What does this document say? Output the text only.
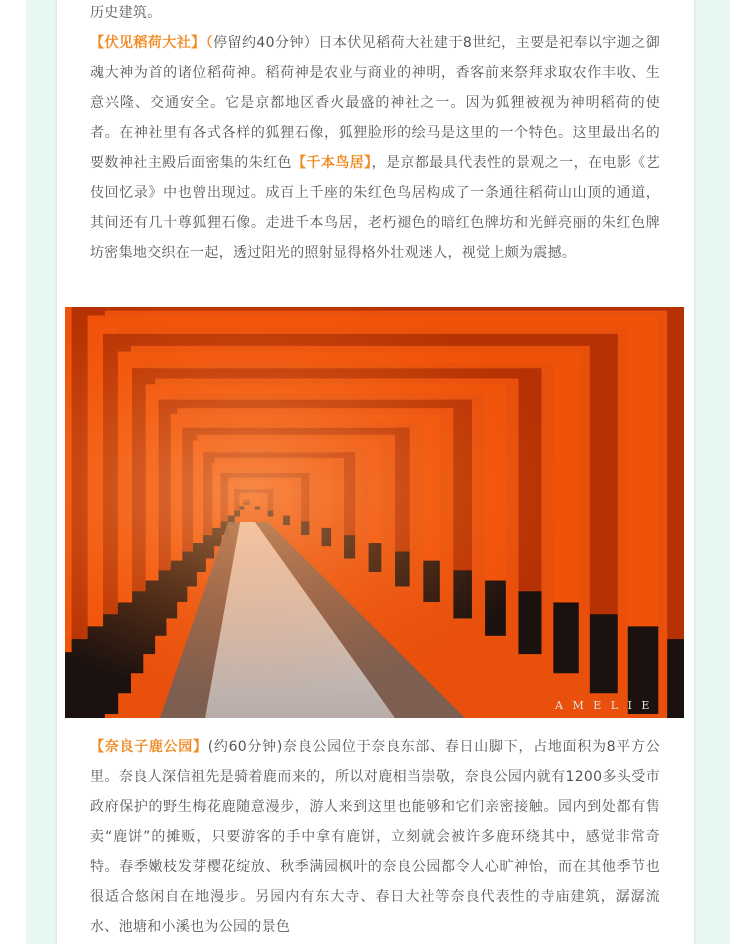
历史建筑。

【伏见稻荷大社】（停留约40分钟）日本伏见稻荷大社建于8世纪，主要是祀奉以宇迦之御魂大神为首的诸位稻荷神。稻荷神是农业与商业的神明，香客前来祭拜求取农作丰收、生意兴隆、交通安全。它是京都地区香火最盛的神社之一。因为狐狸被视为神明稻荷的使者。在神社里有各式各样的狐狸石像，狐狸脸形的绘马是这里的一个特色。这里最出名的要数神社主殿后面密集的朱红色【千本鸟居】，是京都最具代表性的景观之一，在电影《艺伎回忆录》中也曾出现过。成百上千座的朱红色鸟居构成了一条通往稻荷山山顶的通道，其间还有几十尊狐狸石像。走进千本鸟居，老朽褪色的暗红色牌坊和光鲜亮丽的朱红色牌坊密集地交织在一起，透过阳光的照射显得格外壮观迷人，视觉上颇为震撼。

A M E L I E

【奈良子鹿公园】(约60分钟)奈良公园位于奈良东部、春日山脚下，占地面积为8平方公里。奈良人深信祖先是骑着鹿而来的，所以对鹿相当崇敬，奈良公园内就有1200多头受市政府保护的野生梅花鹿随意漫步，游人来到这里也能够和它们亲密接触。园内到处都有售卖“鹿饼”的摊贩，只要游客的手中拿有鹿饼，立刻就会被许多鹿环绕其中，感觉非常奇特。春季嫩枝发芽樱花绽放、秋季满园枫叶的奈良公园都令人心旷神怡，而在其他季节也很适合悠闲自在地漫步。另园内有东大寺、春日大社等奈良代表性的寺庙建筑，潺潺流水、池塘和小溪也为公园的景色
